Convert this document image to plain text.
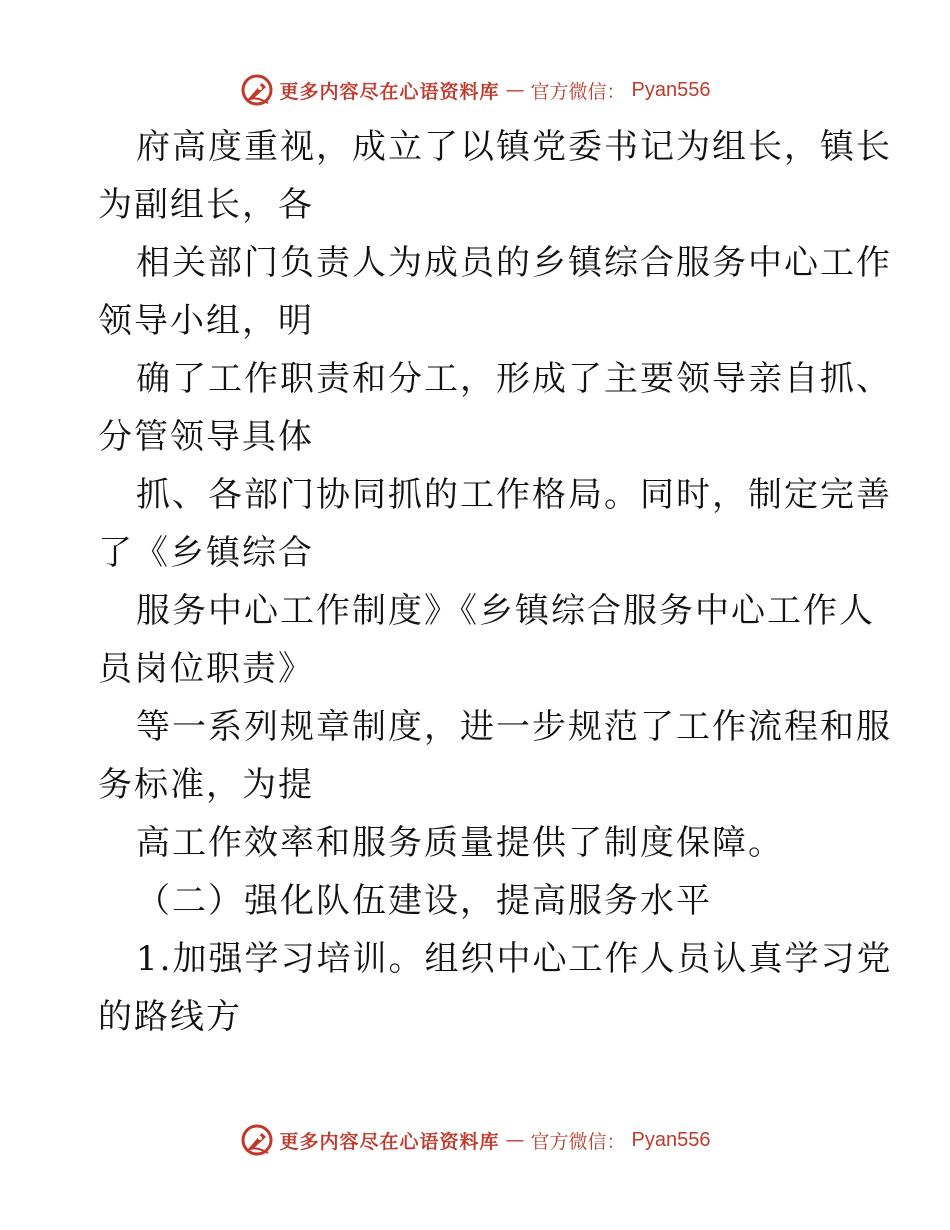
更多内容尽在心语资料库 — 官方微信： Pyan556
府高度重视，成立了以镇党委书记为组长，镇长
为副组长，各
相关部门负责人为成员的乡镇综合服务中心工作
领导小组，明
确了工作职责和分工，形成了主要领导亲自抓、
分管领导具体
抓、各部门协同抓的工作格局。同时，制定完善
了《乡镇综合
服务中心工作制度》《乡镇综合服务中心工作人
员岗位职责》
等一系列规章制度，进一步规范了工作流程和服
务标准，为提
高工作效率和服务质量提供了制度保障。
（二）强化队伍建设，提高服务水平
1.加强学习培训。组织中心工作人员认真学习党
的路线方
更多内容尽在心语资料库 — 官方微信： Pyan556
